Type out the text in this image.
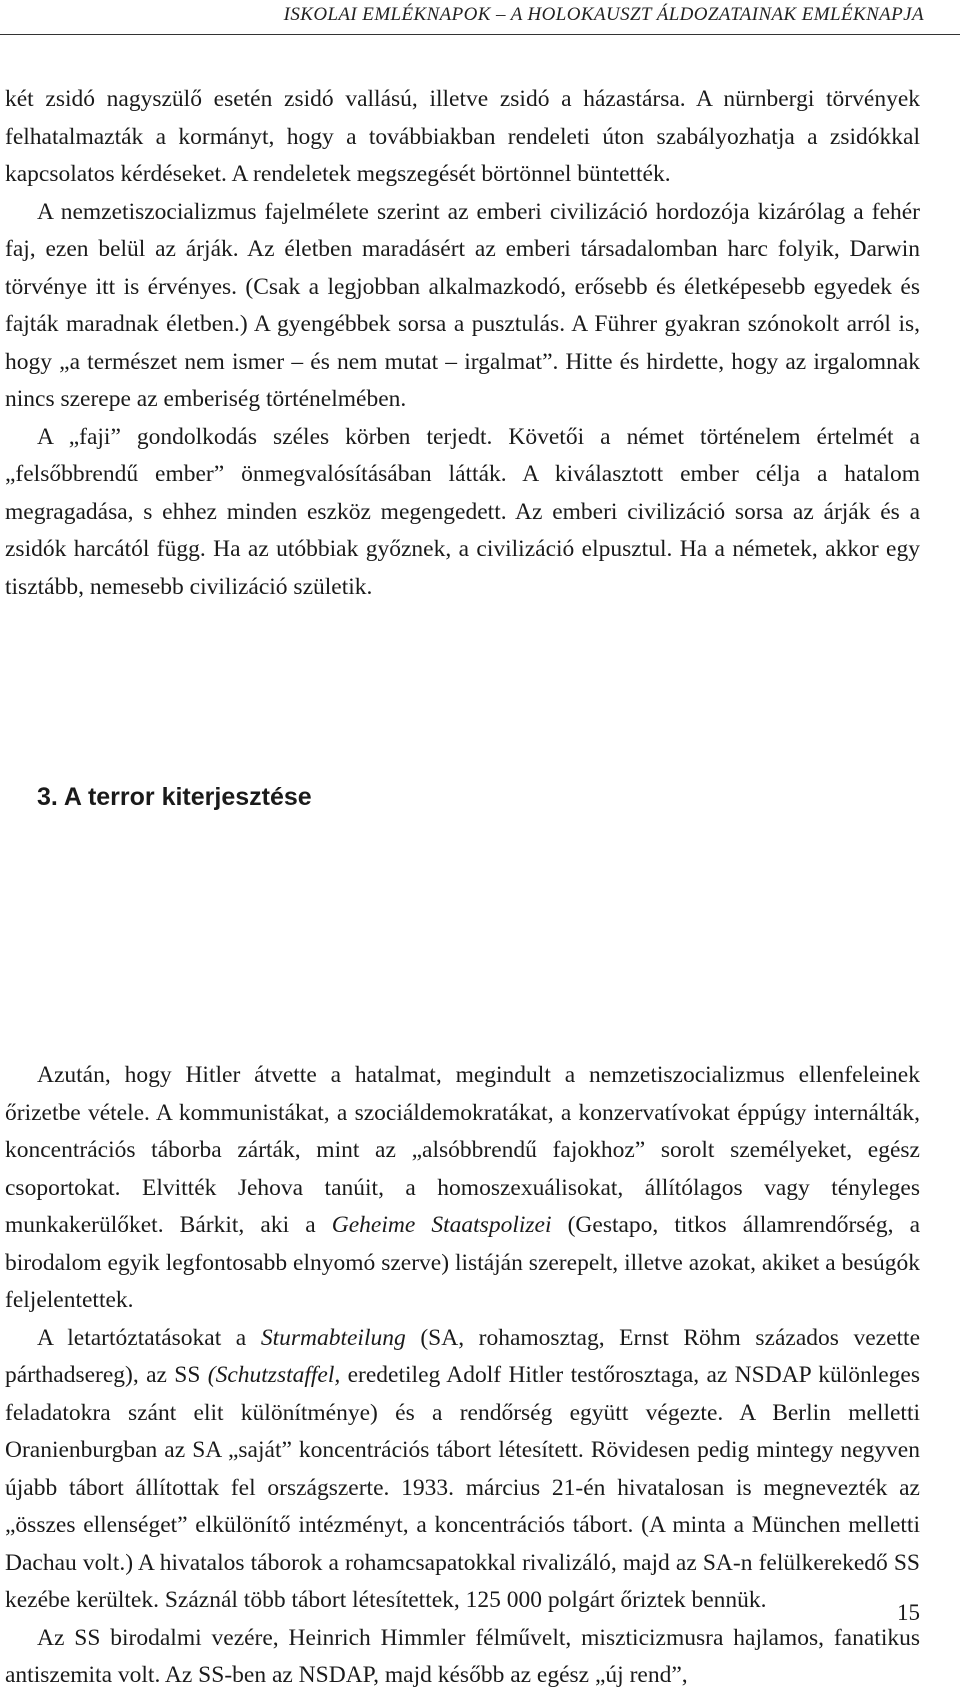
ISKOLAI EMLÉKNAPOK – A HOLOKAUSZT ÁLDOZATAINAK EMLÉKNAPJA

két zsidó nagyszülő esetén zsidó vallású, illetve zsidó a házastársa. A nürnbergi törvények felhatalmazták a kormányt, hogy a továbbiakban rendeleti úton szabályozhatja a zsidókkal kapcsolatos kérdéseket. A rendeletek megszegését börtönnel büntették.

A nemzetiszocializmus fajelmélete szerint az emberi civilizáció hordozója kizárólag a fehér faj, ezen belül az árják. Az életben maradásért az emberi társadalomban harc folyik, Darwin törvénye itt is érvényes. (Csak a legjobban alkalmazkodó, erősebb és életképesebb egyedek és fajták maradnak életben.) A gyengébbek sorsa a pusztulás. A Führer gyakran szónokolt arról is, hogy „a természet nem ismer – és nem mutat – irgalmat”. Hitte és hirdette, hogy az irgalomnak nincs szerepe az emberiség történelmében.

A „faji” gondolkodás széles körben terjedt. Követői a német történelem értelmét a „felsőbbrendű ember” önmegvalósításában látták. A kiválasztott ember célja a hatalom megragadása, s ehhez minden eszköz megengedett. Az emberi civilizáció sorsa az árják és a zsidók harcától függ. Ha az utóbbiak győznek, a civilizáció elpusztul. Ha a németek, akkor egy tisztább, nemesebb civilizáció születik.

3. A terror kiterjesztése

Azután, hogy Hitler átvette a hatalmat, megindult a nemzetiszocializmus ellenfeleinek őrizetbe vétele. A kommunistákat, a szociáldemokratákat, a konzervatívokat éppúgy internálták, koncentrációs táborba zárták, mint az „alsóbbrendű fajokhoz” sorolt személyeket, egész csoportokat. Elvitték Jehova tanúit, a homoszexuálisokat, állítólagos vagy tényleges munkakerülőket. Bárkit, aki a Geheime Staatspolizei (Gestapo, titkos államrendőrség, a birodalom egyik legfontosabb elnyomó szerve) listáján szerepelt, illetve azokat, akiket a besúgók feljelentettek.

A letartóztatásokat a Sturmabteilung (SA, rohamosztag, Ernst Röhm százados vezette párthadsereg), az SS (Schutzstaffel, eredetileg Adolf Hitler testőrosztaga, az NSDAP különleges feladatokra szánt elit különítménye) és a rendőrség együtt végezte. A Berlin melletti Oranienburgban az SA „saját” koncentrációs tábort létesített. Rövidesen pedig mintegy negyven újabb tábort állítottak fel országszerte. 1933. március 21-én hivatalosan is megnevezték az „összes ellenséget” elkülönítő intézményt, a koncentrációs tábort. (A minta a München melletti Dachau volt.) A hivatalos táborok a rohamcsapatokkal rivalizáló, majd az SA-n felülkerekedő SS kezébe kerültek. Száznál több tábort létesítettek, 125 000 polgárt őriztek bennük.

Az SS birodalmi vezére, Heinrich Himmler félművelt, miszticizmusra hajlamos, fanatikus antiszemita volt. Az SS-ben az NSDAP, majd később az egész „új rend”,

15
